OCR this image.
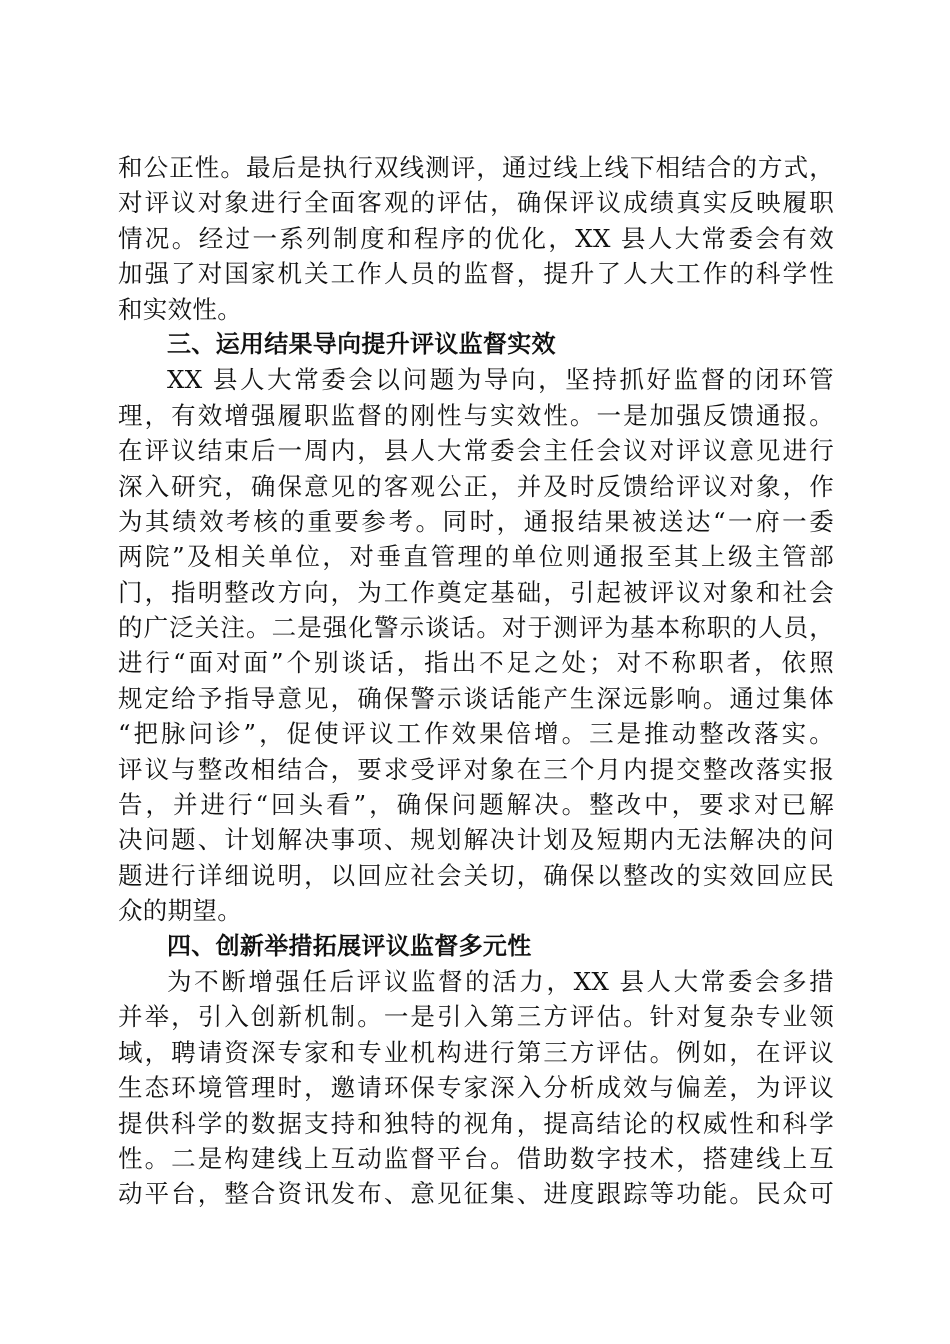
和公正性。最后是执行双线测评，通过线上线下相结合的方式，
对评议对象进行全面客观的评估，确保评议成绩真实反映履职
情况。经过一系列制度和程序的优化，XX 县人大常委会有效
加强了对国家机关工作人员的监督，提升了人大工作的科学性
和实效性。
三、运用结果导向提升评议监督实效
XX 县人大常委会以问题为导向，坚持抓好监督的闭环管
理，有效增强履职监督的刚性与实效性。一是加强反馈通报。
在评议结束后一周内，县人大常委会主任会议对评议意见进行
深入研究，确保意见的客观公正，并及时反馈给评议对象，作
为其绩效考核的重要参考。同时，通报结果被送达“一府一委
两院”及相关单位，对垂直管理的单位则通报至其上级主管部
门，指明整改方向，为工作奠定基础，引起被评议对象和社会
的广泛关注。二是强化警示谈话。对于测评为基本称职的人员，
进行“面对面”个别谈话，指出不足之处；对不称职者，依照
规定给予指导意见，确保警示谈话能产生深远影响。通过集体
“把脉问诊”，促使评议工作效果倍增。三是推动整改落实。
评议与整改相结合，要求受评对象在三个月内提交整改落实报
告，并进行“回头看”，确保问题解决。整改中，要求对已解
决问题、计划解决事项、规划解决计划及短期内无法解决的问
题进行详细说明，以回应社会关切，确保以整改的实效回应民
众的期望。
四、创新举措拓展评议监督多元性
为不断增强任后评议监督的活力，XX 县人大常委会多措
并举，引入创新机制。一是引入第三方评估。针对复杂专业领
域，聘请资深专家和专业机构进行第三方评估。例如，在评议
生态环境管理时，邀请环保专家深入分析成效与偏差，为评议
提供科学的数据支持和独特的视角，提高结论的权威性和科学
性。二是构建线上互动监督平台。借助数字技术，搭建线上互
动平台，整合资讯发布、意见征集、进度跟踪等功能。民众可
